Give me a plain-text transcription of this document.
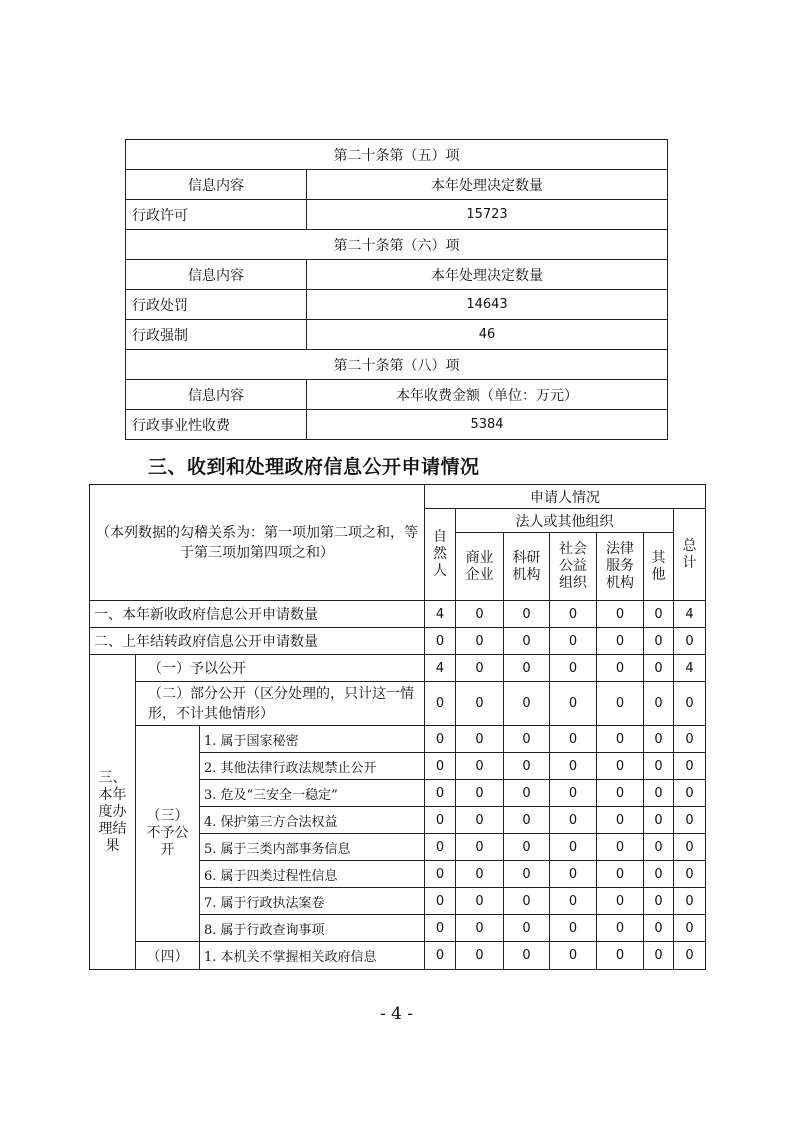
第二十条第（五）项	
信息内容	本年处理决定数量
行政许可	15723
第二十条第（六）项	
信息内容	本年处理决定数量
行政处罚	14643
行政强制	46
第二十条第（八）项	
信息内容	本年收费金额（单位：万元）
行政事业性收费	5384
三、收到和处理政府信息公开申请情况
（本列数据的勾稽关系为：第一项加第二项之和，等于第三项加第四项之和）			申请人情况						
			自然人	法人或其他组织					总计
				商业企业	科研机构	社会公益组织	法律服务机构	其他	
一、本年新收政府信息公开申请数量			4	0	0	0	0	0	4
二、上年结转政府信息公开申请数量			0	0	0	0	0	0	0
三、本年度办理结果	（一）予以公开		4	0	0	0	0	0	4
	（二）部分公开（区分处理的，只计这一情形，不计其他情形）		0	0	0	0	0	0	0
	（三）不予公开	1. 属于国家秘密	0	0	0	0	0	0	0
		2. 其他法律行政法规禁止公开	0	0	0	0	0	0	0
		3. 危及“三安全一稳定”	0	0	0	0	0	0	0
		4. 保护第三方合法权益	0	0	0	0	0	0	0
		5. 属于三类内部事务信息	0	0	0	0	0	0	0
		6. 属于四类过程性信息	0	0	0	0	0	0	0
		7. 属于行政执法案卷	0	0	0	0	0	0	0
		8. 属于行政查询事项	0	0	0	0	0	0	0
	（四）	1. 本机关不掌握相关政府信息	0	0	0	0	0	0	0
- 4 -
